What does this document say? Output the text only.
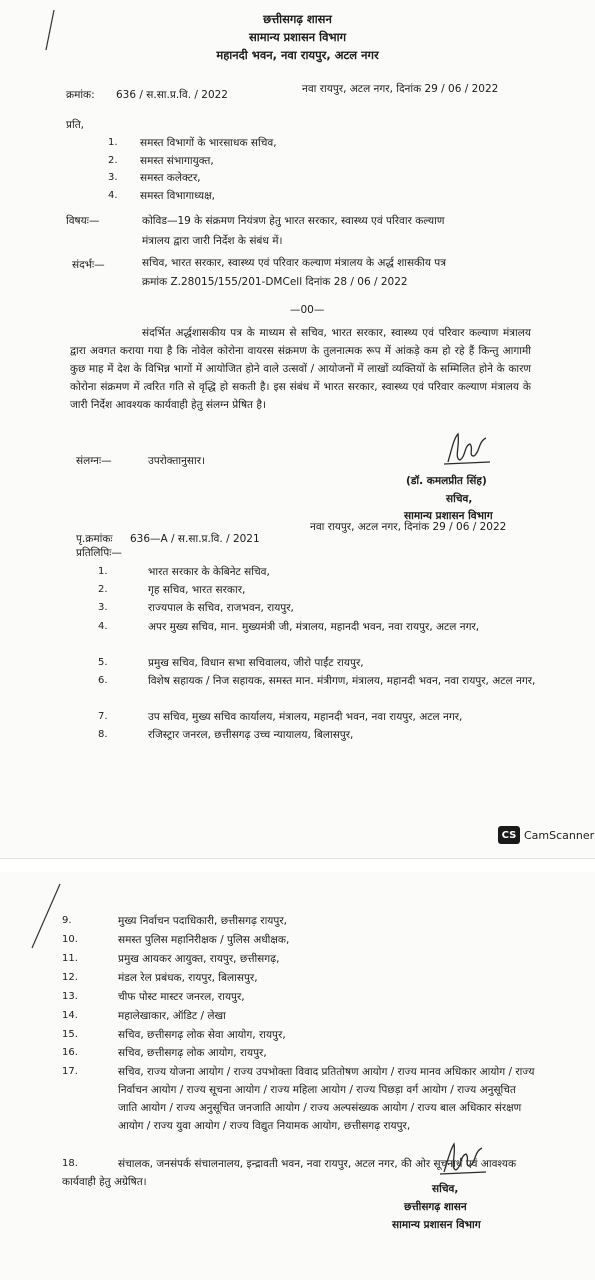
छत्तीसगढ़ शासन
सामान्य प्रशासन विभाग
महानदी भवन, नवा रायपुर, अटल नगर
क्रमांक: 636 / स.सा.प्र.वि. / 2022	नवा रायपुर, अटल नगर, दिनांक 29 / 06 / 2022
प्रति,
1. समस्त विभागों के भारसाधक सचिव,
2. समस्त संभागायुक्त,
3. समस्त कलेक्टर,
4. समस्त विभागाध्यक्ष,
विषयः—	कोविड—19 के संक्रमण नियंत्रण हेतु भारत सरकार, स्वास्थ्य एवं परिवार कल्याण
मंत्रालय द्वारा जारी निर्देश के संबंध में।
संदर्भः—	सचिव, भारत सरकार, स्वास्थ्य एवं परिवार कल्याण मंत्रालय के अर्द्ध शासकीय पत्र
क्रमांक Z.28015/155/201-DMCell दिनांक 28 / 06 / 2022
—00—
संदर्भित अर्द्धशासकीय पत्र के माध्यम से सचिव, भारत सरकार, स्वास्थ्य एवं परिवार कल्याण मंत्रालय द्वारा अवगत कराया गया है कि नोवेल कोरोना वायरस संक्रमण के तुलनात्मक रूप में आंकड़े कम हो रहे हैं किन्तु आगामी कुछ माह में देश के विभिन्न भागों में आयोजित होने वाले उत्सवों / आयोजनों में लाखों व्यक्तियों के सम्मिलित होने के कारण कोरोना संक्रमण में त्वरित गति से वृद्धि हो सकती है। इस संबंध में भारत सरकार, स्वास्थ्य एवं परिवार कल्याण मंत्रालय के जारी निर्देश आवश्यक कार्यवाही हेतु संलग्न प्रेषित है।
संलग्नः—	उपरोक्तानुसार।
(डॉ. कमलप्रीत सिंह)
सचिव,
सामान्य प्रशासन विभाग
पृ.क्रमांकः 636—A / स.सा.प्र.वि. / 2021
नवा रायपुर, अटल नगर, दिनांक 29 / 06 / 2022
प्रतिलिपिः—
1.	भारत सरकार के केबिनेट सचिव,
2.	गृह सचिव, भारत सरकार,
3.	राज्यपाल के सचिव, राजभवन, रायपुर,
4.	अपर मुख्य सचिव, मान. मुख्यमंत्री जी, मंत्रालय, महानदी भवन, नवा रायपुर, अटल नगर,
5.	प्रमुख सचिव, विधान सभा सचिवालय, जीरो पाईंट रायपुर,
6.	विशेष सहायक / निज सहायक, समस्त मान. मंत्रीगण, मंत्रालय, महानदी भवन, नवा रायपुर, अटल नगर,
7.	उप सचिव, मुख्य सचिव कार्यालय, मंत्रालय, महानदी भवन, नवा रायपुर, अटल नगर,
8.	रजिस्ट्रार जनरल, छत्तीसगढ़ उच्च न्यायालय, बिलासपुर,
CS CamScanner
9.	मुख्य निर्वाचन पदाधिकारी, छत्तीसगढ़ रायपुर,
10.	समस्त पुलिस महानिरीक्षक / पुलिस अधीक्षक,
11.	प्रमुख आयकर आयुक्त, रायपुर, छत्तीसगढ़,
12.	मंडल रेल प्रबंधक, रायपुर, बिलासपुर,
13.	चीफ पोस्ट मास्टर जनरल, रायपुर,
14.	महालेखाकार, ऑडिट / लेखा
15.	सचिव, छत्तीसगढ़ लोक सेवा आयोग, रायपुर,
16.	सचिव, छत्तीसगढ़ लोक आयोग, रायपुर,
17.	सचिव, राज्य योजना आयोग / राज्य उपभोक्ता विवाद प्रतितोषण आयोग / राज्य मानव अधिकार आयोग / राज्य निर्वाचन आयोग / राज्य सूचना आयोग / राज्य महिला आयोग / राज्य पिछड़ा वर्ग आयोग / राज्य अनुसूचित जाति आयोग / राज्य अनुसूचित जनजाति आयोग / राज्य अल्पसंख्यक आयोग / राज्य बाल अधिकार संरक्षण आयोग / राज्य युवा आयोग / राज्य विद्युत नियामक आयोग, छत्तीसगढ़ रायपुर,
18.	संचालक, जनसंपर्क संचालनालय, इन्द्रावती भवन, नवा रायपुर, अटल नगर, की ओर सूचनार्थ एवं आवश्यक कार्यवाही हेतु अग्रेषित।
सचिव,
छत्तीसगढ़ शासन
सामान्य प्रशासन विभाग
